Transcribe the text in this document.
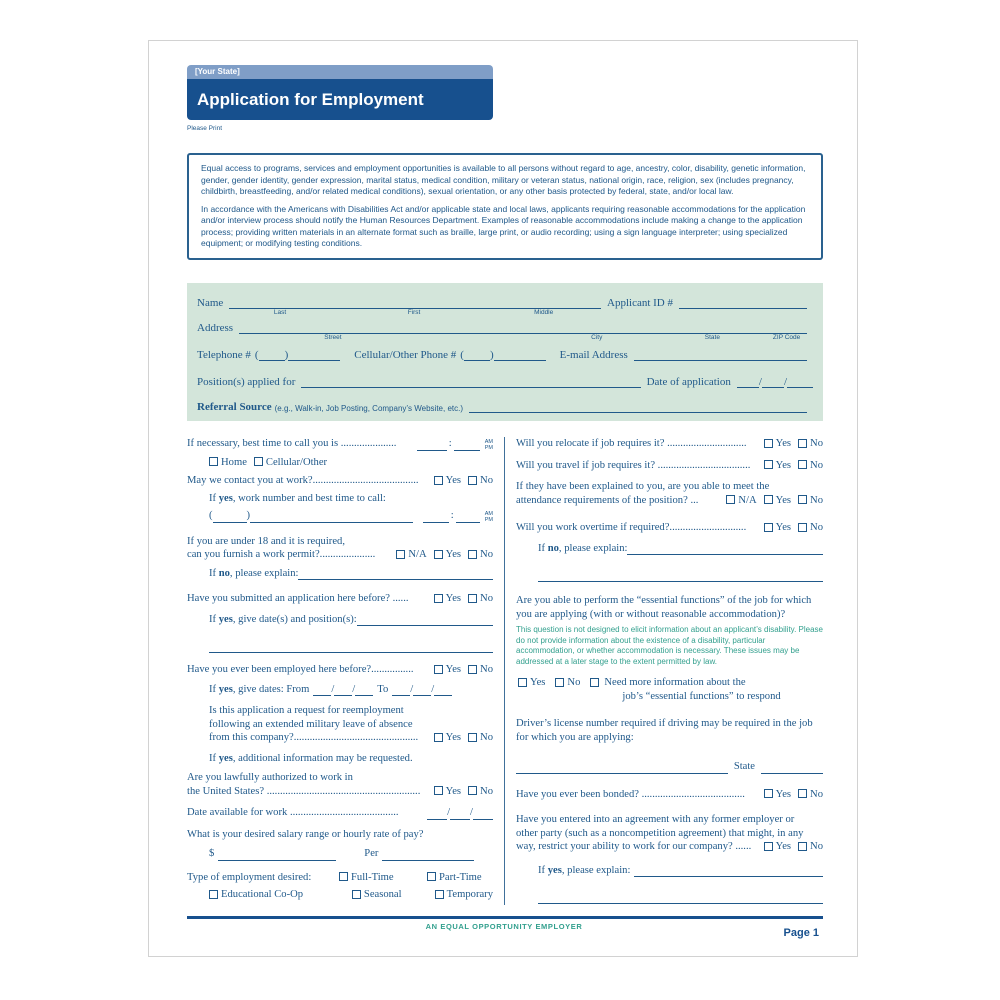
[Your State]
Application for Employment
Please Print

Equal access to programs, services and employment opportunities is available to all persons without regard to age, ancestry, color, disability, genetic information, gender, gender identity, gender expression, marital status, medical condition, military or veteran status, national origin, race, religion, sex (includes pregnancy, childbirth, breastfeeding, and/or related medical conditions), sexual orientation, or any other basis protected by federal, state, and/or local law.

In accordance with the Americans with Disabilities Act and/or applicable state and local laws, applicants requiring reasonable accommodations for the application and/or interview process should notify the Human Resources Department. Examples of reasonable accommodations include making a change to the application process; providing written materials in an alternate format such as braille, large print, or audio recording; using a sign language interpreter; using specialized equipment; or modifying testing conditions.

Name
Last	First	Middle
Applicant ID #
Address
Street	City	State	ZIP Code
Telephone # ( )	Cellular/Other Phone # ( )	E-mail Address
Position(s) applied for	Date of application	/ /
Referral Source (e.g., Walk-in, Job Posting, Company’s Website, etc.)
If necessary, best time to call you is .....................	:	AM
PM
Home Cellular/Other
May we contact you at work?........................................	Yes No
If yes, work number and best time to call:
(	)	:	AM
PM
If you are under 18 and it is required,
can you furnish a work permit?.....................	N/A Yes No
If no, please explain:
Have you submitted an application here before? ......	Yes No
If yes, give date(s) and position(s):
Have you ever been employed here before?................	Yes No
If yes, give dates: From / / To / /
Is this application a request for reemployment
following an extended military leave of absence
from this company?...............................................	Yes No
If yes, additional information may be requested.
Are you lawfully authorized to work in
the United States? ..........................................................	Yes No
Date available for work .........................................	/ /
What is your desired salary range or hourly rate of pay?
$	Per
Type of employment desired:	Full-Time	Part-Time
Educational Co-Op	Seasonal	Temporary
Will you relocate if job requires it? ..............................	Yes No
Will you travel if job requires it? ...................................	Yes No
If they have been explained to you, are you able to meet the
attendance requirements of the position? ...	N/A Yes No
Will you work overtime if required?.............................	Yes No
If no, please explain:
Are you able to perform the “essential functions” of the job for which you are applying (with or without reasonable accommodation)?
This question is not designed to elicit information about an applicant’s disability. Please do not provide information about the existence of a disability, particular accommodation, or whether accommodation is necessary. These issues may be addressed at a later stage to the extent permitted by law.
Yes No Need more information about the
job’s “essential functions” to respond
Driver’s license number required if driving may be required in the job for which you are applying:
State
Have you ever been bonded? .......................................	Yes No
Have you entered into an agreement with any former employer or
other party (such as a noncompetition agreement) that might, in any
way, restrict your ability to work for our company? ......	Yes No
If yes, please explain:
AN EQUAL OPPORTUNITY EMPLOYER
Page 1
